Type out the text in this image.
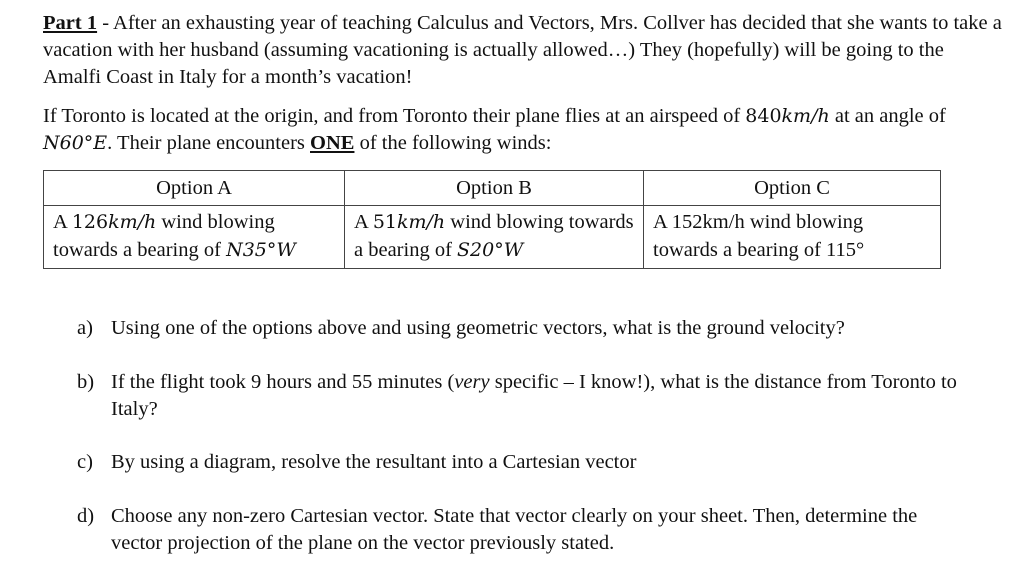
Part 1 - After an exhausting year of teaching Calculus and Vectors, Mrs. Collver has decided that she wants to take a vacation with her husband (assuming vacationing is actually allowed…) They (hopefully) will be going to the Amalfi Coast in Italy for a month’s vacation!

If Toronto is located at the origin, and from Toronto their plane flies at an airspeed of 840km/h at an angle of N60°E. Their plane encounters ONE of the following winds:

Option A	Option B	Option C
A 126km/h wind blowing towards a bearing of N35°W	A 51km/h wind blowing towards a bearing of S20°W	A 152km/h wind blowing towards a bearing of 115°
a) Using one of the options above and using geometric vectors, what is the ground velocity?
b) If the flight took 9 hours and 55 minutes (very specific – I know!), what is the distance from Toronto to Italy?
c) By using a diagram, resolve the resultant into a Cartesian vector
d) Choose any non-zero Cartesian vector. State that vector clearly on your sheet. Then, determine the vector projection of the plane on the vector previously stated.
